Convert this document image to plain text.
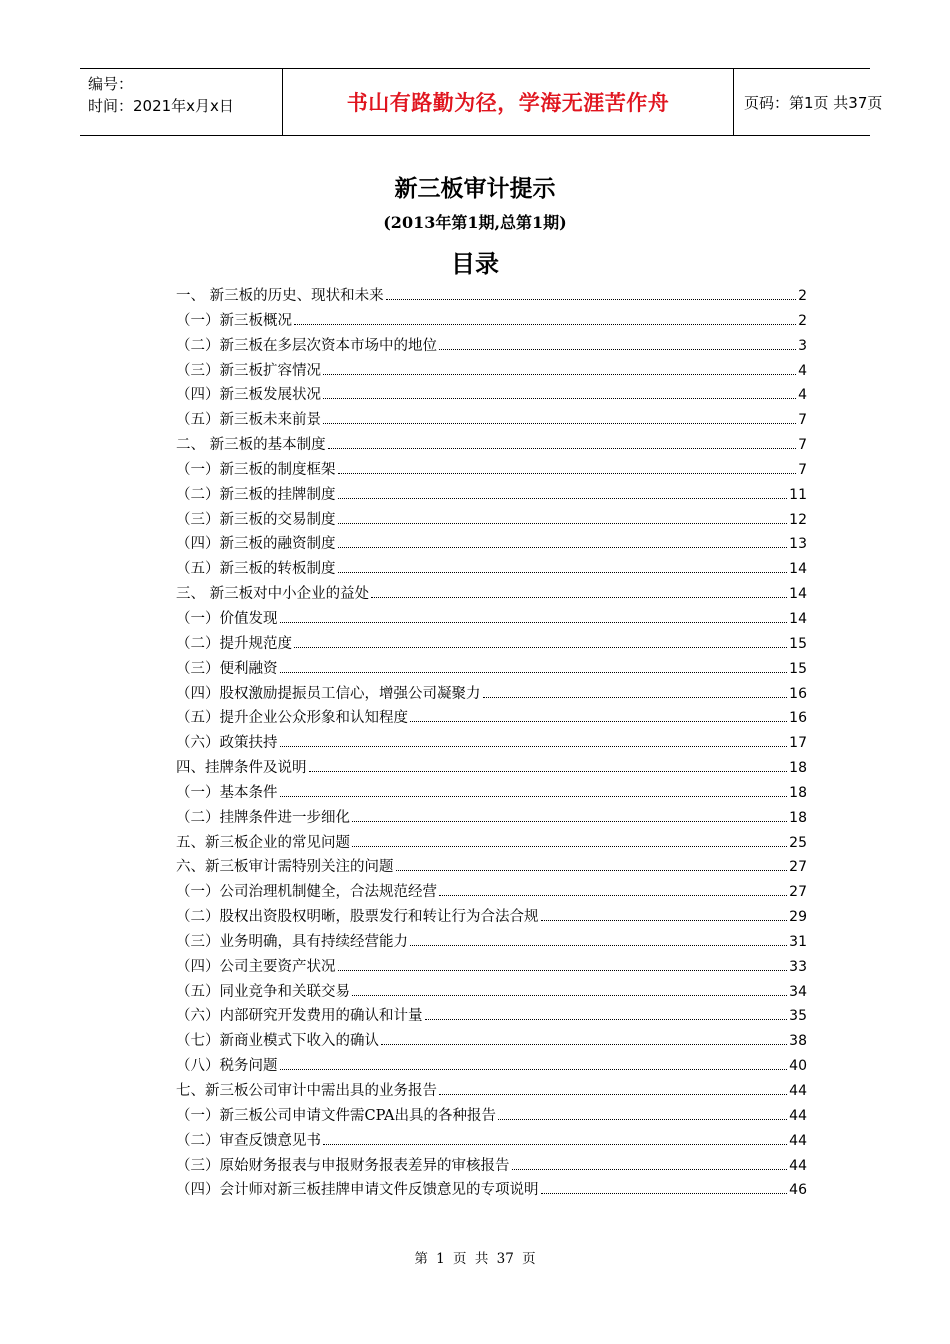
编号：
时间：2021年x月x日	书山有路勤为径，学海无涯苦作舟	页码：第1页 共37页
新三板审计提示
(2013年第1期,总第1期)
目录
一、 新三板的历史、现状和未来	2
（一）新三板概况	2
（二）新三板在多层次资本市场中的地位	3
（三）新三板扩容情况	4
（四）新三板发展状况	4
（五）新三板未来前景	7
二、 新三板的基本制度	7
（一）新三板的制度框架	7
（二）新三板的挂牌制度	11
（三）新三板的交易制度	12
（四）新三板的融资制度	13
（五）新三板的转板制度	14
三、 新三板对中小企业的益处	14
（一）价值发现	14
（二）提升规范度	15
（三）便利融资	15
（四）股权激励提振员工信心，增强公司凝聚力	16
（五）提升企业公众形象和认知程度	16
（六）政策扶持	17
四、挂牌条件及说明	18
（一）基本条件	18
（二）挂牌条件进一步细化	18
五、新三板企业的常见问题	25
六、新三板审计需特别关注的问题	27
（一）公司治理机制健全，合法规范经营	27
（二）股权出资股权明晰，股票发行和转让行为合法合规	29
（三）业务明确，具有持续经营能力	31
（四）公司主要资产状况	33
（五）同业竞争和关联交易	34
（六）内部研究开发费用的确认和计量	35
（七）新商业模式下收入的确认	38
（八）税务问题	40
七、新三板公司审计中需出具的业务报告	44
（一）新三板公司申请文件需CPA出具的各种报告	44
（二）审查反馈意见书	44
（三）原始财务报表与申报财务报表差异的审核报告	44
（四）会计师对新三板挂牌申请文件反馈意见的专项说明	46
第 1 页 共 37 页
